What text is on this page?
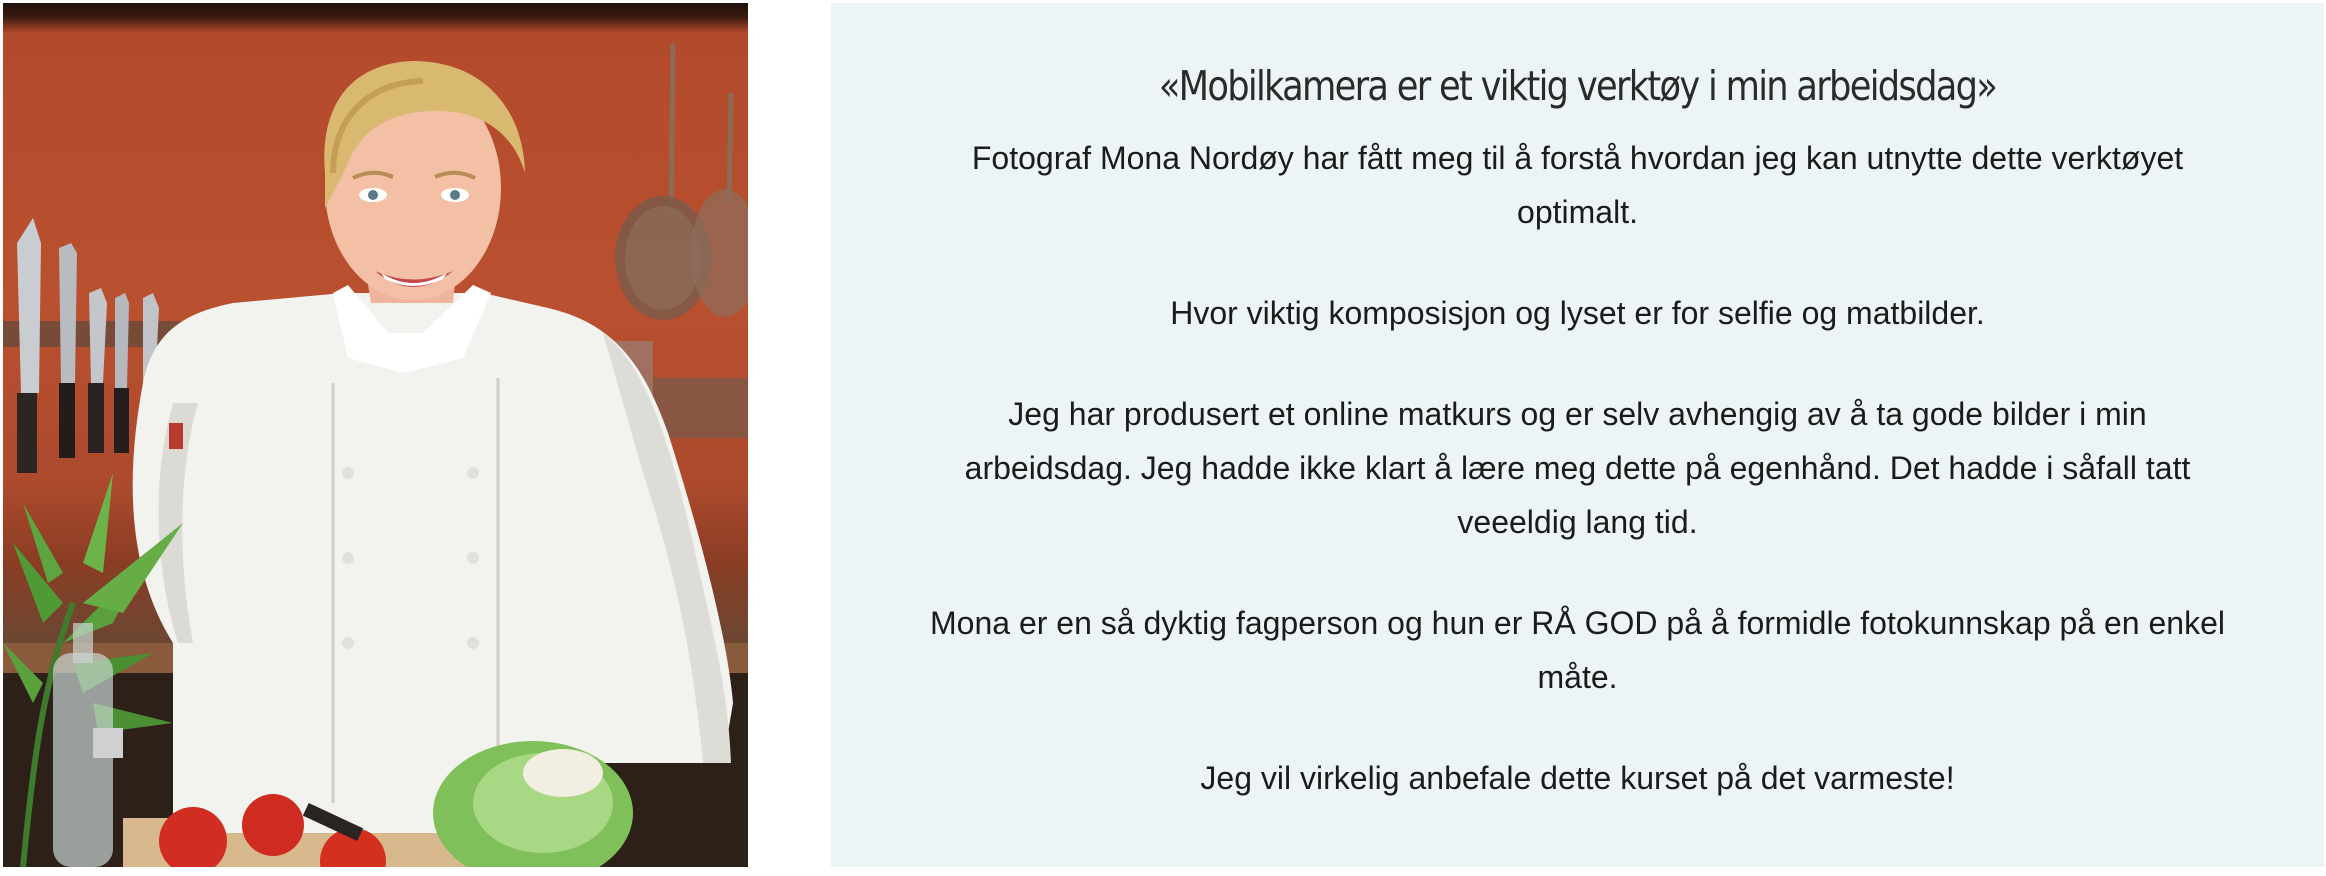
«Mobilkamera er et viktig verktøy i min arbeidsdag»

Fotograf Mona Nordøy har fått meg til å forstå hvordan jeg kan utnytte dette verktøyet optimalt.

Hvor viktig komposisjon og lyset er for selfie og matbilder.

Jeg har produsert et online matkurs og er selv avhengig av å ta gode bilder i min arbeidsdag. Jeg hadde ikke klart å lære meg dette på egenhånd. Det hadde i såfall tatt veeeldig lang tid.

Mona er en så dyktig fagperson og hun er RÅ GOD på å formidle fotokunnskap på en enkel måte.

Jeg vil virkelig anbefale dette kurset på det varmeste!
